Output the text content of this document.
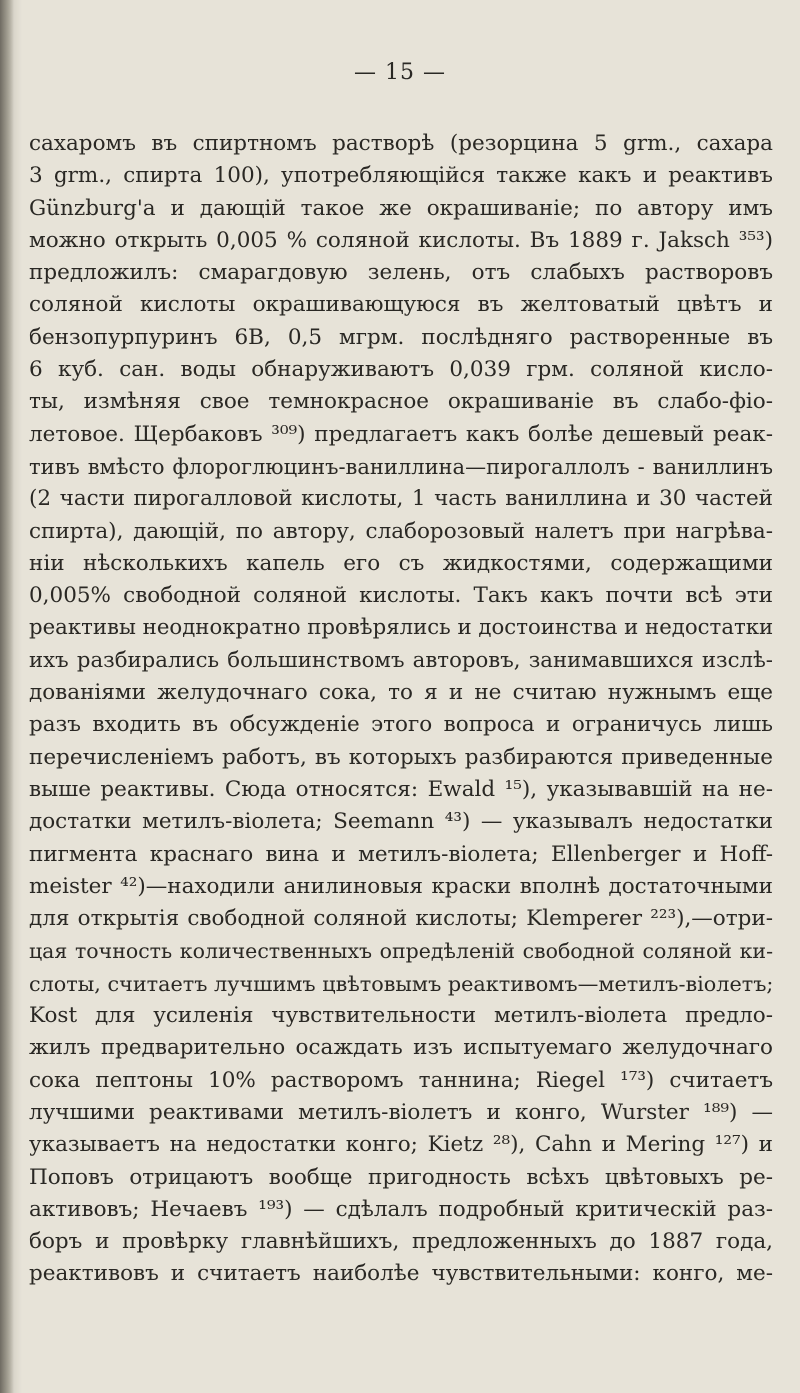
— 15 —
сахаромъ въ спиртномъ растворѣ (резорцина 5 grm., сахара
3 grm., спирта 100), употребляющійся также какъ и реактивъ
Günzburg'а и дающій такое же окрашиваніе; по автору имъ
можно открыть 0,005 % соляной кислоты. Въ 1889 г. Jaksch ³⁵³)
предложилъ: смарагдовую зелень, отъ слабыхъ растворовъ
соляной кислоты окрашивающуюся въ желтоватый цвѣтъ и
бензопурпуринъ 6В, 0,5 мгрм. послѣдняго растворенные въ
6 куб. сан. воды обнаруживаютъ 0,039 грм. соляной кисло-
ты, измѣняя свое темнокрасное окрашиваніе въ слабо-фіо-
летовое. Щербаковъ ³⁰⁹) предлагаетъ какъ болѣе дешевый реак-
тивъ вмѣсто флороглюцинъ-ваниллина—пирогаллолъ - ваниллинъ
(2 части пирогалловой кислоты, 1 часть ваниллина и 30 частей
спирта), дающій, по автору, слаборозовый налетъ при нагрѣва-
ніи нѣсколькихъ капель его съ жидкостями, содержащими
0,005% свободной соляной кислоты. Такъ какъ почти всѣ эти
реактивы неоднократно провѣрялись и достоинства и недостатки
ихъ разбирались большинствомъ авторовъ, занимавшихся изслѣ-
дованіями желудочнаго сока, то я и не считаю нужнымъ еще
разъ входить въ обсужденіе этого вопроса и ограничусь лишь
перечисленіемъ работъ, въ которыхъ разбираются приведенные
выше реактивы. Сюда относятся: Ewald ¹⁵), указывавшій на не-
достатки метилъ-віолета; Seemann ⁴³) — указывалъ недостатки
пигмента краснаго вина и метилъ-віолета; Ellenberger и Hoff-
meister ⁴²)—находили анилиновыя краски вполнѣ достаточными
для открытія свободной соляной кислоты; Klemperer ²²³),—отри-
цая точность количественныхъ опредѣленій свободной соляной ки-
слоты, считаетъ лучшимъ цвѣтовымъ реактивомъ—метилъ-віолетъ;
Kost для усиленія чувствительности метилъ-віолета предло-
жилъ предварительно осаждать изъ испытуемаго желудочнаго
сока пептоны 10% растворомъ таннина; Riegel ¹⁷³) считаетъ
лучшими реактивами метилъ-віолетъ и конго, Wurster ¹⁸⁹) —
указываетъ на недостатки конго; Kietz ²⁸), Cahn и Mering ¹²⁷) и
Поповъ отрицаютъ вообще пригодность всѣхъ цвѣтовыхъ ре-
активовъ; Нечаевъ ¹⁹³) — сдѣлалъ подробный критическій раз-
боръ и провѣрку главнѣйшихъ, предложенныхъ до 1887 года,
реактивовъ и считаетъ наиболѣе чувствительными: конго, ме-
